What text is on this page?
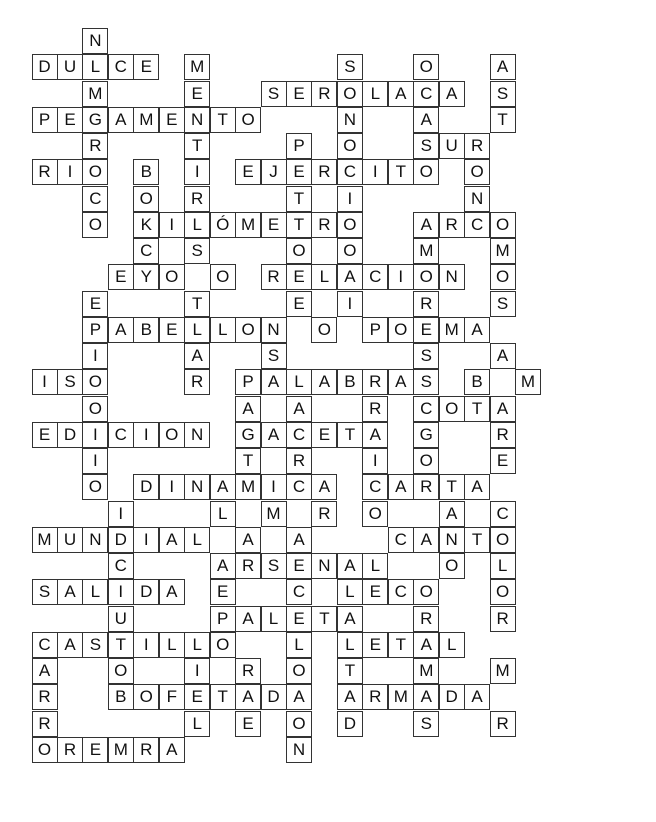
N
D U L C E	M	S	O	A
M	E	S E R O L A C A	S
P E G A M E N T O	N	A	T
R	T	P	O	S U R
R I O	B	I	E J E R C I	T O	O
C	O	R	T	I	N
O	K	I	L Ó M E T R O	A R C O
C	S	O	O	M	M
E Y O	O	R E L A C I O N	O
E	T	E	I	R	S
P A B E L L O N	O	P O E M A
I	A	S	S	A
I	S O	R	P A L A B R A S	B	M
O	A	A	R	C O T A
E D I C I O N	G A C E T A	G	R
I	T	R	I	O	E
O	D I N A M I	C A	C A R T A
I	L	M	R	O	A	C
M U N D I	A L	A	A	C A N T O
C	A R S E N A L	O	L
S A L	I	D A	E	C	L E C O	O
U	P A L E T A	R	R
C A S T	I	L L O	L	L E T A L
A	O	I	R	O	T	M	M
R	B O F E T A D A	A R M A D A
R	L	E	O	D	S	R
O R E M R A	N
